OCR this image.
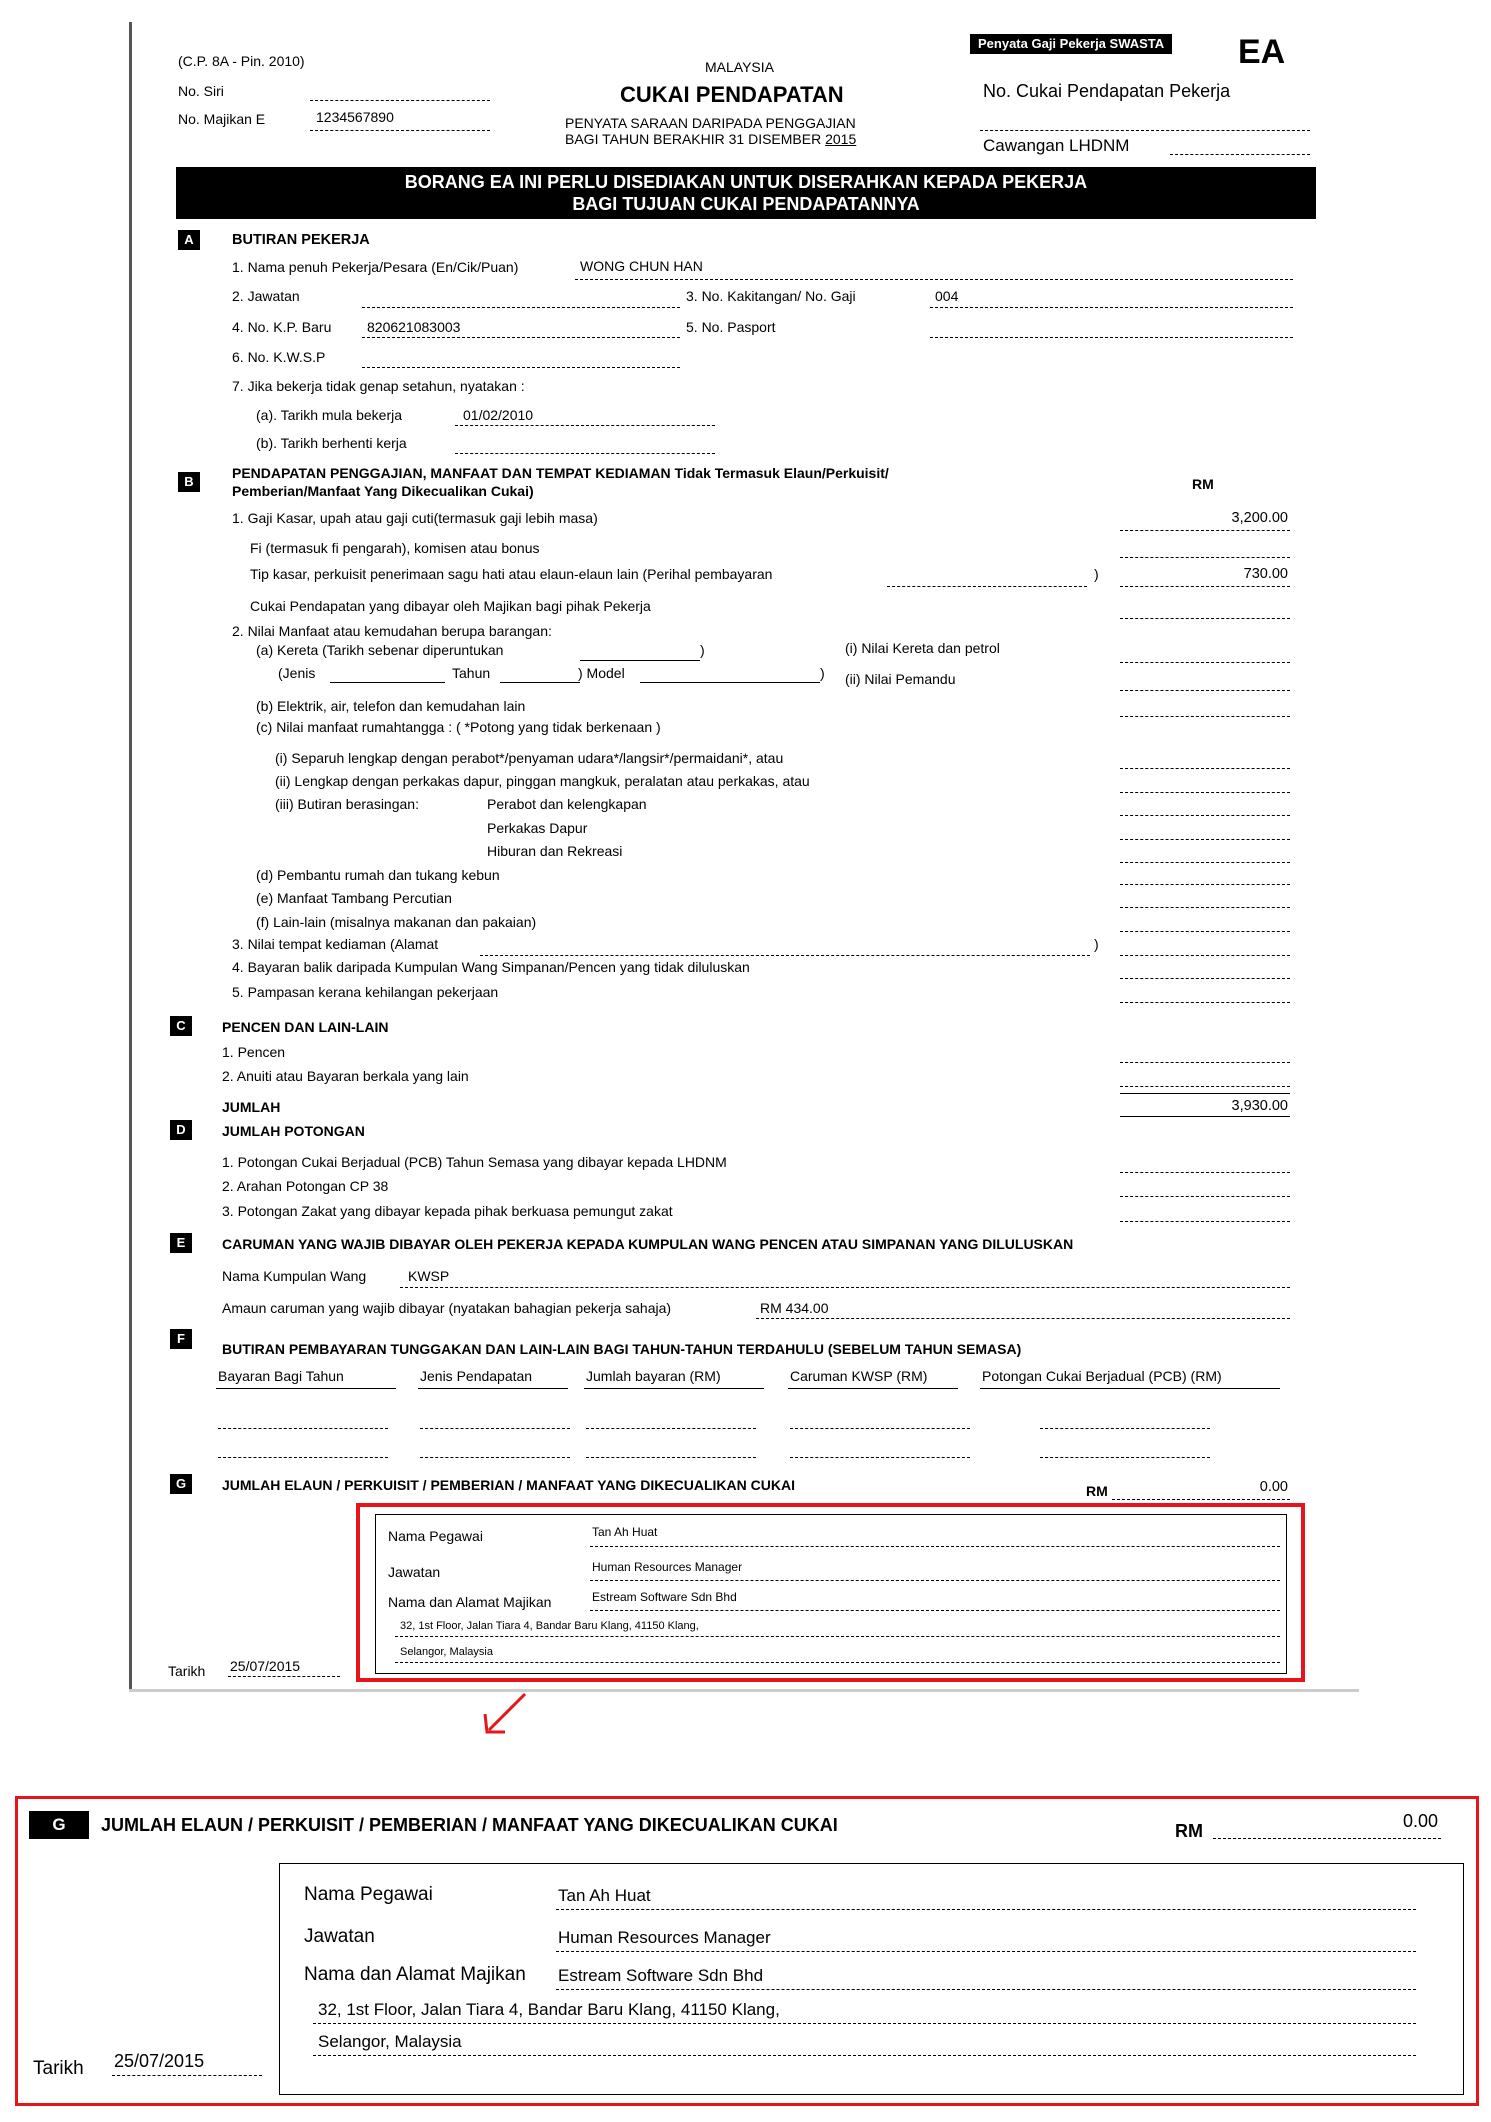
(C.P. 8A - Pin. 2010)
No. Siri
No. Majikan E	1234567890
MALAYSIA
CUKAI PENDAPATAN
PENYATA SARAAN DARIPADA PENGGAJIAN
BAGI TAHUN BERAKHIR 31 DISEMBER 2015
Penyata Gaji Pekerja SWASTA EA
No. Cukai Pendapatan Pekerja
Cawangan LHDNM
BORANG EA INI PERLU DISEDIAKAN UNTUK DISERAHKAN KEPADA PEKERJA
BAGI TUJUAN CUKAI PENDAPATANNYA
A	BUTIRAN PEKERJA
1. Nama penuh Pekerja/Pesara (En/Cik/Puan)	WONG CHUN HAN
2. Jawatan	3. No. Kakitangan/ No. Gaji	004
4. No. K.P. Baru	820621083003	5. No. Pasport
6. No. K.W.S.P
7. Jika bekerja tidak genap setahun, nyatakan :
(a). Tarikh mula bekerja	01/02/2010
(b). Tarikh berhenti kerja
B
PENDAPATAN PENGGAJIAN, MANFAAT DAN TEMPAT KEDIAMAN Tidak Termasuk Elaun/Perkuisit/
Pemberian/Manfaat Yang Dikecualikan Cukai)	RM
1. Gaji Kasar, upah atau gaji cuti(termasuk gaji lebih masa)	3,200.00
Fi (termasuk fi pengarah), komisen atau bonus
Tip kasar, perkuisit penerimaan sagu hati atau elaun-elaun lain (Perihal pembayaran	)	730.00
Cukai Pendapatan yang dibayar oleh Majikan bagi pihak Pekerja
2. Nilai Manfaat atau kemudahan berupa barangan:
(a) Kereta (Tarikh sebenar diperuntukan	)
(Jenis	Tahun	) Model	)
(i) Nilai Kereta dan petrol
(ii) Nilai Pemandu
(b) Elektrik, air, telefon dan kemudahan lain
(c) Nilai manfaat rumahtangga : ( *Potong yang tidak berkenaan )
(i) Separuh lengkap dengan perabot*/penyaman udara*/langsir*/permaidani*, atau
(ii) Lengkap dengan perkakas dapur, pinggan mangkuk, peralatan atau perkakas, atau
(iii) Butiran berasingan:	Perabot dan kelengkapan
Perkakas Dapur
Hiburan dan Rekreasi
(d) Pembantu rumah dan tukang kebun
(e) Manfaat Tambang Percutian
(f) Lain-lain (misalnya makanan dan pakaian)
3. Nilai tempat kediaman (Alamat	)
4. Bayaran balik daripada Kumpulan Wang Simpanan/Pencen yang tidak diluluskan
5. Pampasan kerana kehilangan pekerjaan
C	PENCEN DAN LAIN-LAIN
1. Pencen
2. Anuiti atau Bayaran berkala yang lain
JUMLAH	3,930.00
D	JUMLAH POTONGAN
1. Potongan Cukai Berjadual (PCB) Tahun Semasa yang dibayar kepada LHDNM
2. Arahan Potongan CP 38
3. Potongan Zakat yang dibayar kepada pihak berkuasa pemungut zakat
E	CARUMAN YANG WAJIB DIBAYAR OLEH PEKERJA KEPADA KUMPULAN WANG PENCEN ATAU SIMPANAN YANG DILULUSKAN
Nama Kumpulan Wang	KWSP
Amaun caruman yang wajib dibayar (nyatakan bahagian pekerja sahaja)	RM 434.00
F
BUTIRAN PEMBAYARAN TUNGGAKAN DAN LAIN-LAIN BAGI TAHUN-TAHUN TERDAHULU (SEBELUM TAHUN SEMASA)
Bayaran Bagi Tahun	Jenis Pendapatan	Jumlah bayaran (RM)	Caruman KWSP (RM)	Potongan Cukai Berjadual (PCB) (RM)
G	JUMLAH ELAUN / PERKUISIT / PEMBERIAN / MANFAAT YANG DIKECUALIKAN CUKAI	RM	0.00
Nama Pegawai	Tan Ah Huat
Jawatan	Human Resources Manager
Nama dan Alamat Majikan	Estream Software Sdn Bhd
32, 1st Floor, Jalan Tiara 4, Bandar Baru Klang, 41150 Klang,
Selangor, Malaysia
Tarikh 25/07/2015
G	JUMLAH ELAUN / PERKUISIT / PEMBERIAN / MANFAAT YANG DIKECUALIKAN CUKAI	RM	0.00
Nama Pegawai	Tan Ah Huat
Jawatan	Human Resources Manager
Nama dan Alamat Majikan Estream Software Sdn Bhd
32, 1st Floor, Jalan Tiara 4, Bandar Baru Klang, 41150 Klang,
Selangor, Malaysia
Tarikh 25/07/2015
